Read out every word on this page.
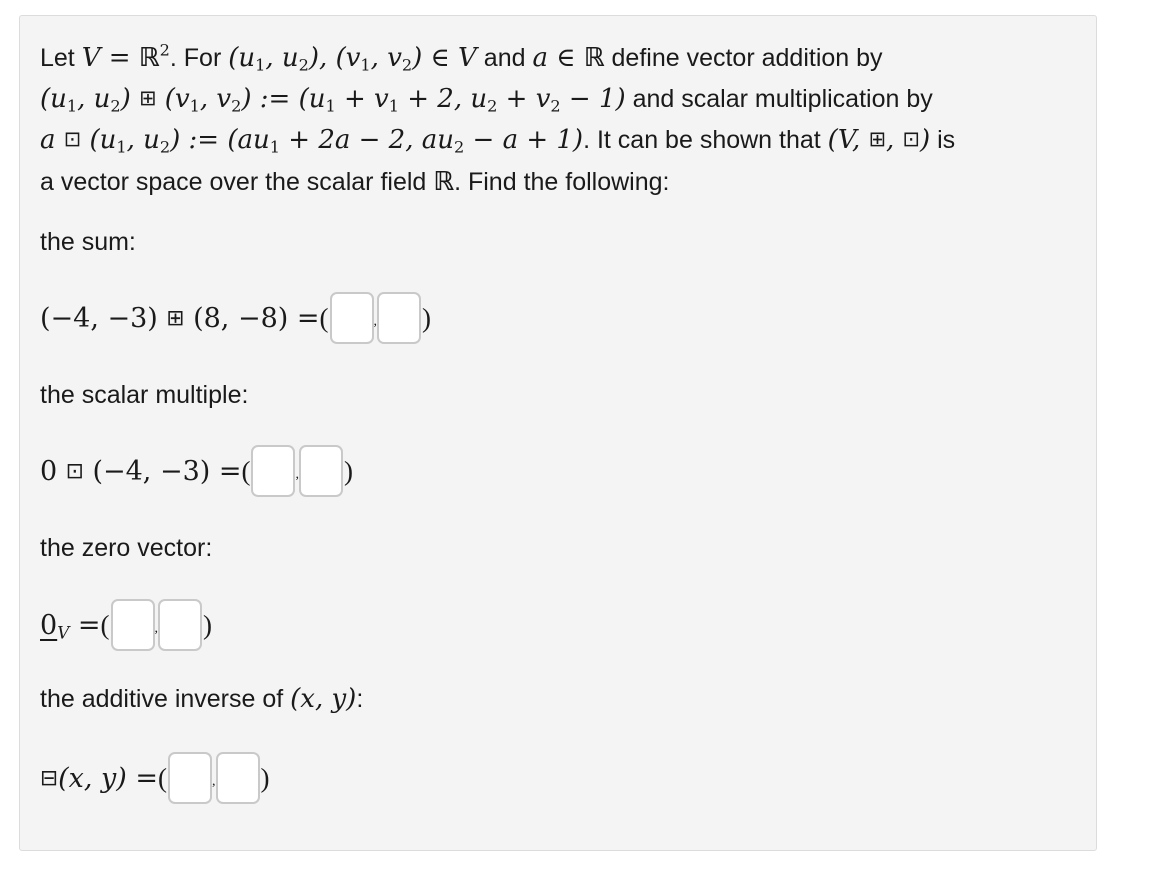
Let V = ℝ$^2$. For ($u_1$, $u_2$), ($v_1$, $v_2$) ∈ V and a ∈ ℝ define vector addition by
($u_1$, $u_2$) ⊞ ($v_1$, $v_2$) := ($u_1 + v_1 + 2$, $u_2 + v_2 - 1$) and scalar multiplication by
a ⊡ ($u_1$, $u_2$) := ($au_1 + 2a - 2$, $au_2 - a + 1$). It can be shown that (V, ⊞, ⊡) is
a vector space over the scalar field ℝ. Find the following:

the sum:

(−4, −3) ⊞ (8, −8) = (	, )

the scalar multiple:

0 ⊡ (−4, −3) = (	, )

the zero vector:

$0_V$ = (	, )

the additive inverse of (x, y):

⊟(x, y) = (	, )
